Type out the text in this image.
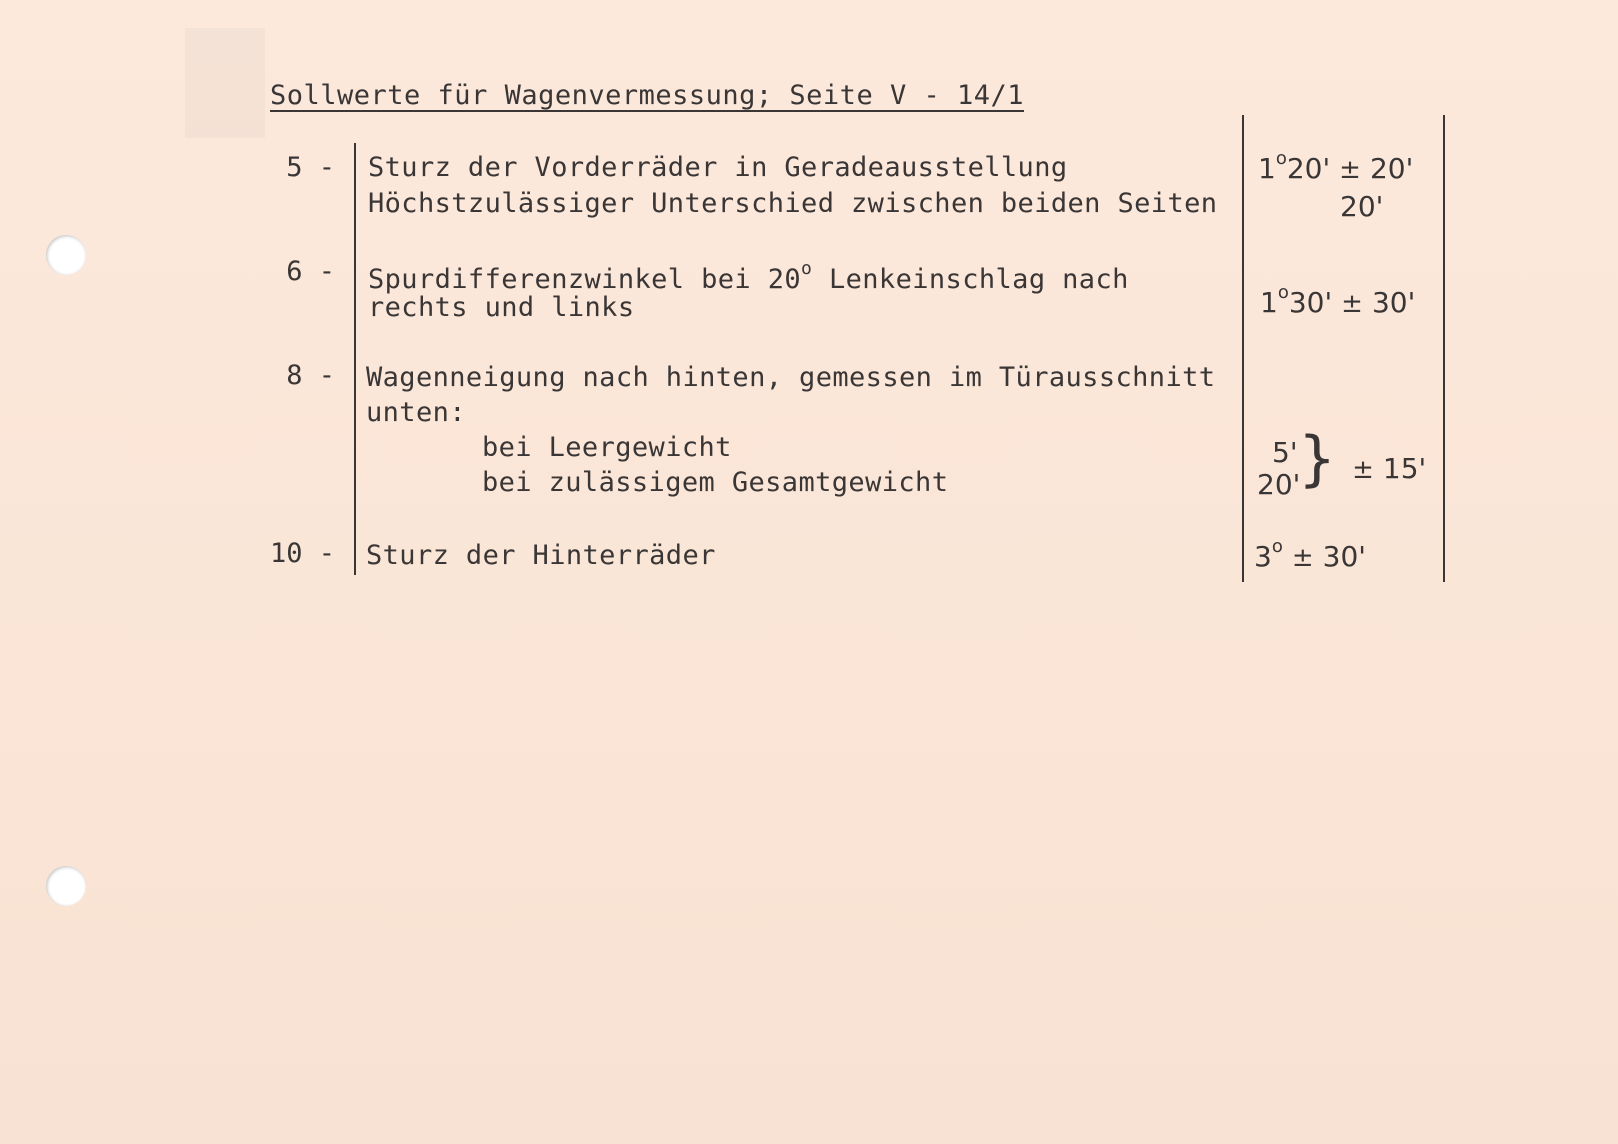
Sollwerte für Wagenvermessung; Seite V - 14/1
5 - Sturz der Vorderräder in Geradeausstellung
Höchstzulässiger Unterschied zwischen beiden Seiten
$1^o20' \pm 20'$
20'
6 - Spurdifferenzwinkel bei 20$^o$ Lenkeinschlag nach
rechts und links	$1^o30' \pm 30'$
8 - Wagenneigung nach hinten, gemessen im Türausschnitt
unten:
bei Leergewicht
bei zulässigem Gesamtgewicht
5'
20'
} ± 15'
10 - Sturz der Hinterräder	$3^o \pm 30'$
